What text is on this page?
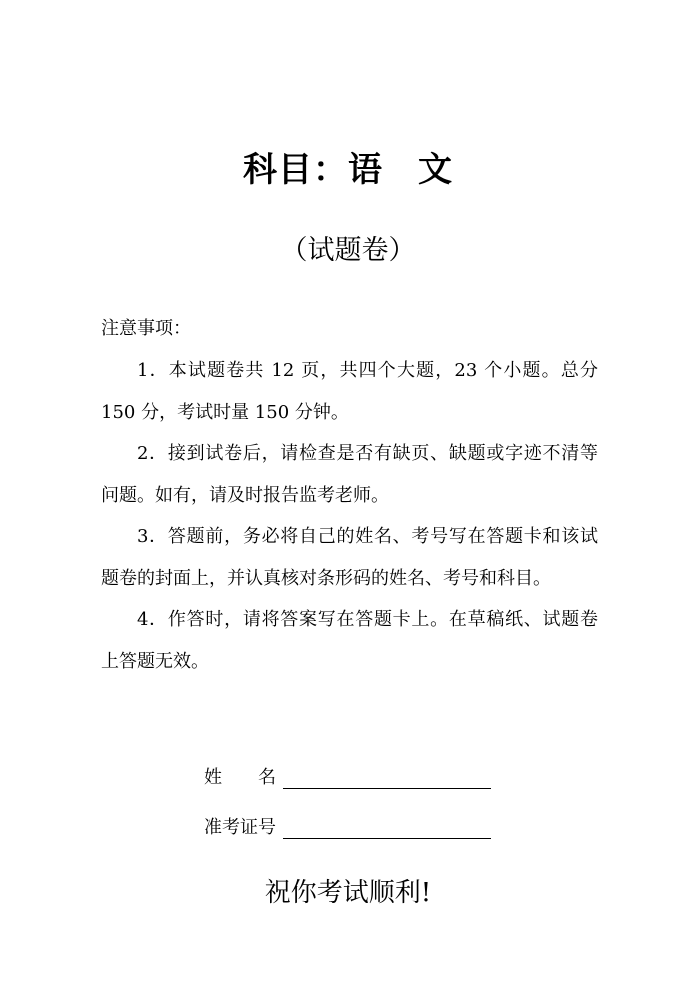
科目：语　文
（试题卷）
注意事项：

1．本试题卷共 12 页，共四个大题，23 个小题。总分 150 分，考试时量 150 分钟。

2．接到试卷后，请检查是否有缺页、缺题或字迹不清等问题。如有，请及时报告监考老师。

3．答题前，务必将自己的姓名、考号写在答题卡和该试题卷的封面上，并认真核对条形码的姓名、考号和科目。

4．作答时，请将答案写在答题卡上。在草稿纸、试题卷上答题无效。

姓　　名
准考证号
祝你考试顺利!
